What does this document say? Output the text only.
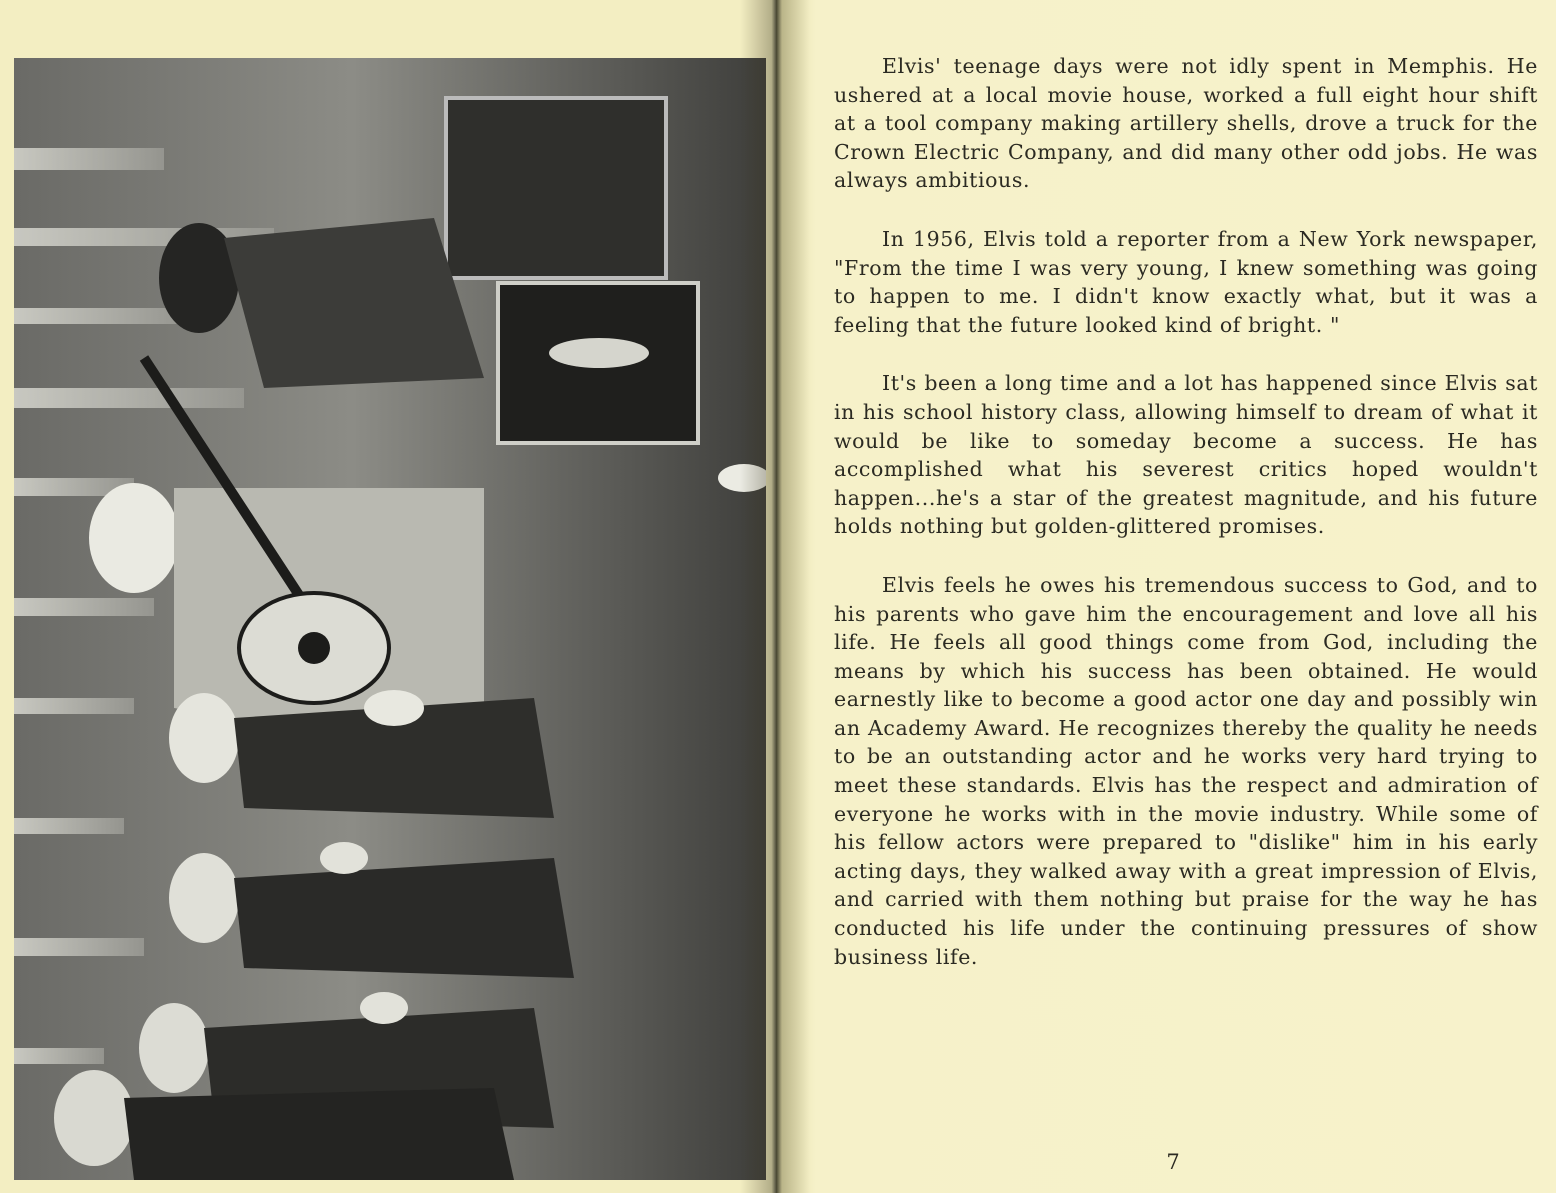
Elvis' teenage days were not idly spent in Memphis. He ushered at a local movie house, worked a full eight hour shift at a tool company making artillery shells, drove a truck for the Crown Electric Company, and did many other odd jobs. He was always ambitious.

In 1956, Elvis told a reporter from a New York newspaper, "From the time I was very young, I knew something was going to happen to me. I didn't know exactly what, but it was a feeling that the future looked kind of bright. "

It's been a long time and a lot has happened since Elvis sat in his school history class, allowing himself to dream of what it would be like to someday become a success. He has accomplished what his severest critics hoped wouldn't happen...he's a star of the greatest magnitude, and his future holds nothing but golden-glittered promises.

Elvis feels he owes his tremendous success to God, and to his parents who gave him the encouragement and love all his life. He feels all good things come from God, including the means by which his success has been obtained. He would earnestly like to become a good actor one day and possibly win an Academy Award. He recognizes thereby the quality he needs to be an outstanding actor and he works very hard trying to meet these standards. Elvis has the respect and admiration of everyone he works with in the movie industry. While some of his fellow actors were prepared to "dislike" him in his early acting days, they walked away with a great impression of Elvis, and carried with them nothing but praise for the way he has conducted his life under the continuing pressures of show business life.

7
